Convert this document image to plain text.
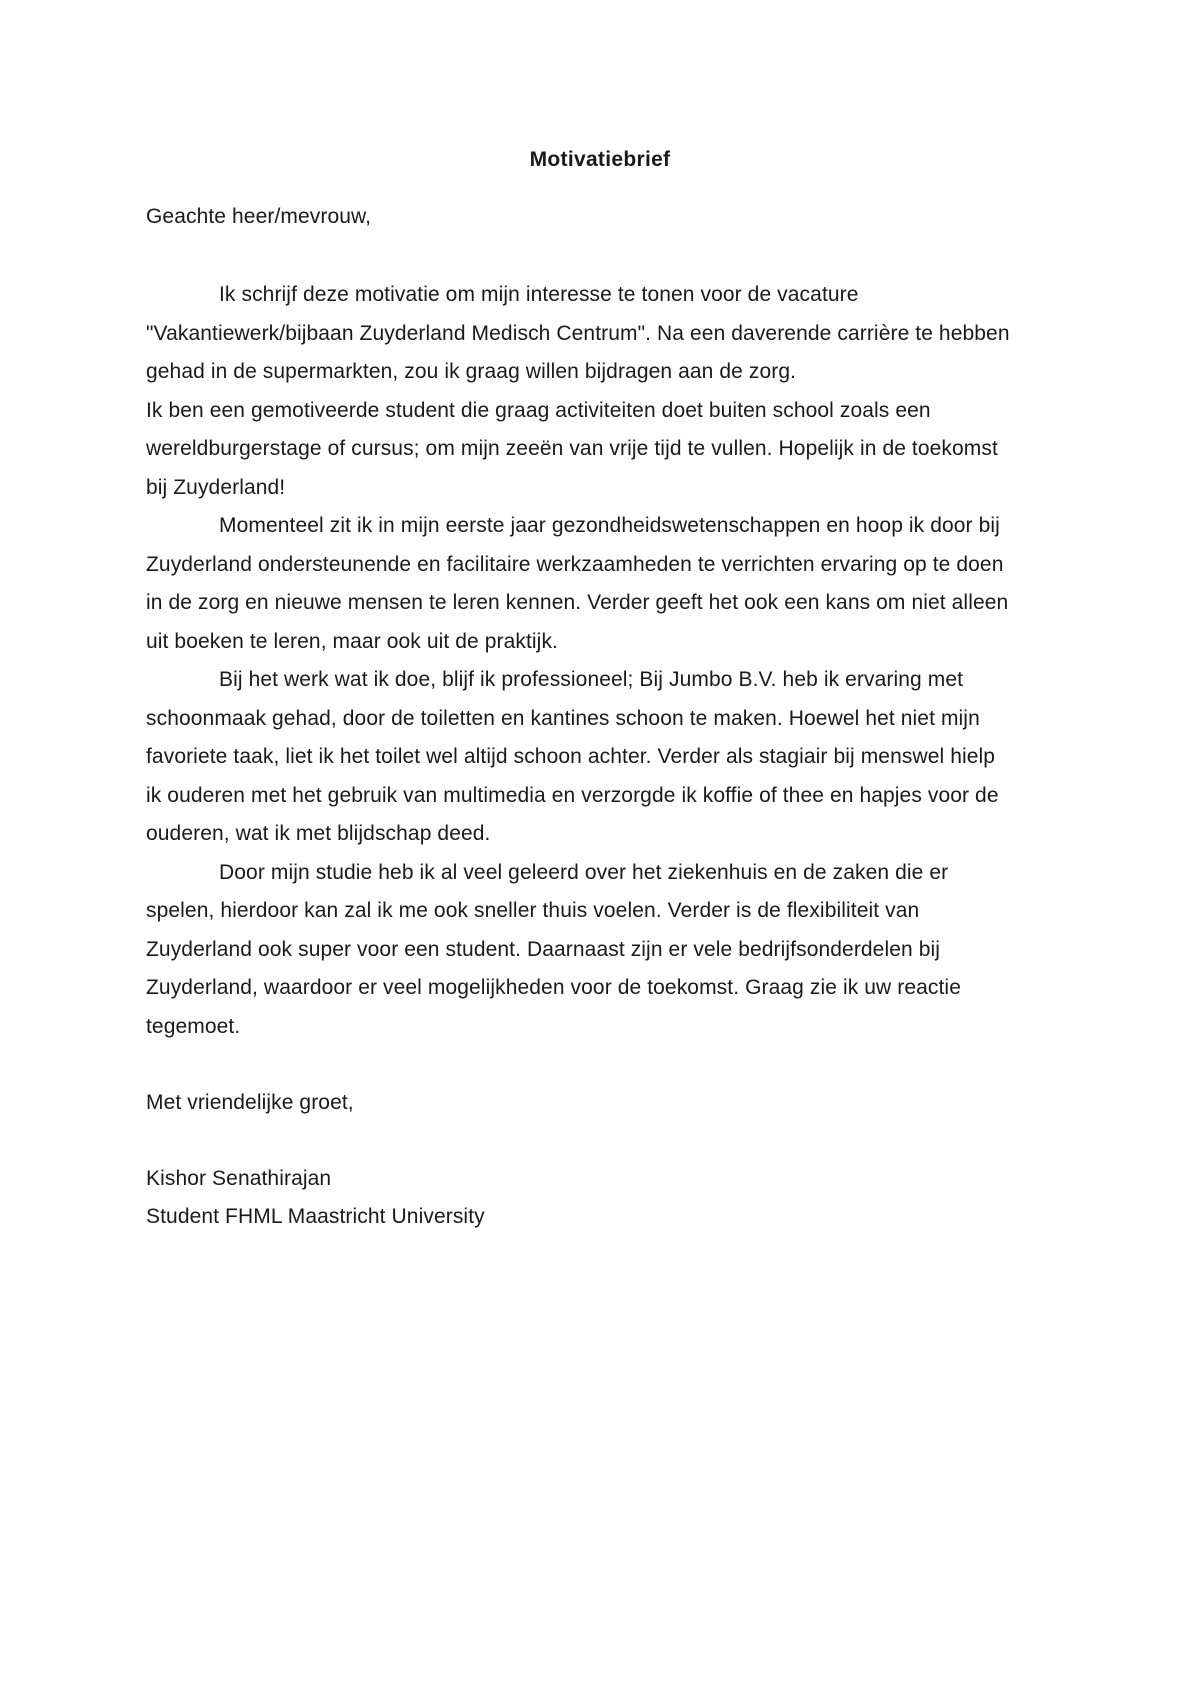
Motivatiebrief
Geachte heer/mevrouw,
Ik schrijf deze motivatie om mijn interesse te tonen voor de vacature
"Vakantiewerk/bijbaan Zuyderland Medisch Centrum". Na een daverende carrière te hebben
gehad in de supermarkten, zou ik graag willen bijdragen aan de zorg.
Ik ben een gemotiveerde student die graag activiteiten doet buiten school zoals een
wereldburgerstage of cursus; om mijn zeeën van vrije tijd te vullen. Hopelijk in de toekomst
bij Zuyderland!
Momenteel zit ik in mijn eerste jaar gezondheidswetenschappen en hoop ik door bij
Zuyderland ondersteunende en facilitaire werkzaamheden te verrichten ervaring op te doen
in de zorg en nieuwe mensen te leren kennen. Verder geeft het ook een kans om niet alleen
uit boeken te leren, maar ook uit de praktijk.
Bij het werk wat ik doe, blijf ik professioneel; Bij Jumbo B.V. heb ik ervaring met
schoonmaak gehad, door de toiletten en kantines schoon te maken. Hoewel het niet mijn
favoriete taak, liet ik het toilet wel altijd schoon achter. Verder als stagiair bij menswel hielp
ik ouderen met het gebruik van multimedia en verzorgde ik koffie of thee en hapjes voor de
ouderen, wat ik met blijdschap deed.
Door mijn studie heb ik al veel geleerd over het ziekenhuis en de zaken die er
spelen, hierdoor kan zal ik me ook sneller thuis voelen. Verder is de flexibiliteit van
Zuyderland ook super voor een student. Daarnaast zijn er vele bedrijfsonderdelen bij
Zuyderland, waardoor er veel mogelijkheden voor de toekomst. Graag zie ik uw reactie
tegemoet.
Met vriendelijke groet,
Kishor Senathirajan
Student FHML Maastricht University
